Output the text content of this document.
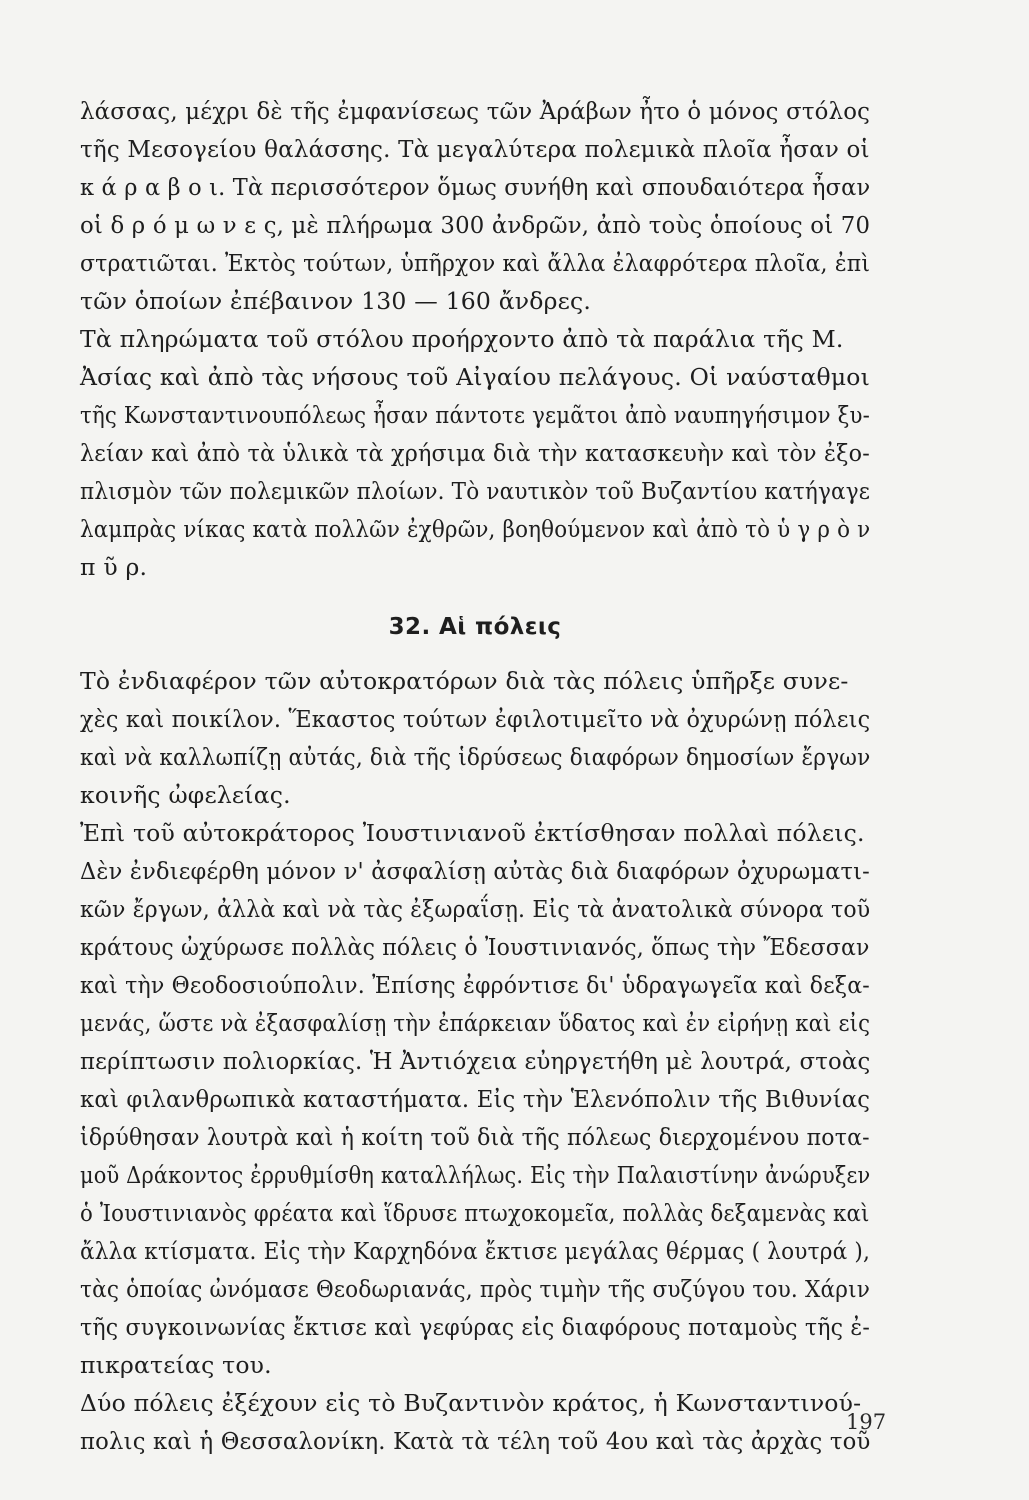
λάσσας, μέχρι δὲ τῆς ἐμφανίσεως τῶν Ἀράβων ἦτο ὁ μόνος στόλος
τῆς Μεσογείου θαλάσσης. Τὰ μεγαλύτερα πολεμικὰ πλοῖα ἦσαν οἱ
κ ά ρ α β ο ι. Τὰ περισσότερον ὅμως συνήθη καὶ σπουδαιότερα ἦσαν
οἱ δ ρ ό μ ω ν ε ς, μὲ πλήρωμα 300 ἀνδρῶν, ἀπὸ τοὺς ὁποίους οἱ 70
στρατιῶται. Ἐκτὸς τούτων, ὑπῆρχον καὶ ἄλλα ἐλαφρότερα πλοῖα, ἐπὶ
τῶν ὁποίων ἐπέβαινον 130 — 160 ἄνδρες.
Τὰ πληρώματα τοῦ στόλου προήρχοντο ἀπὸ τὰ παράλια τῆς Μ.
Ἀσίας καὶ ἀπὸ τὰς νήσους τοῦ Αἰγαίου πελάγους. Οἱ ναύσταθμοι
τῆς Κωνσταντινουπόλεως ἦσαν πάντοτε γεμᾶτοι ἀπὸ ναυπηγήσιμον ξυ-
λείαν καὶ ἀπὸ τὰ ὑλικὰ τὰ χρήσιμα διὰ τὴν κατασκευὴν καὶ τὸν ἐξο-
πλισμὸν τῶν πολεμικῶν πλοίων. Τὸ ναυτικὸν τοῦ Βυζαντίου κατήγαγε
λαμπρὰς νίκας κατὰ πολλῶν ἐχθρῶν, βοηθούμενον καὶ ἀπὸ τὸ ὑ γ ρ ὸ ν
π ῦ ρ.
32. Αἱ πόλεις
Τὸ ἐνδιαφέρον τῶν αὐτοκρατόρων διὰ τὰς πόλεις ὑπῆρξε συνε-
χὲς καὶ ποικίλον. Ἕκαστος τούτων ἐφιλοτιμεῖτο νὰ ὀχυρώνῃ πόλεις
καὶ νὰ καλλωπίζῃ αὐτάς, διὰ τῆς ἱδρύσεως διαφόρων δημοσίων ἔργων
κοινῆς ὠφελείας.
Ἐπὶ τοῦ αὐτοκράτορος Ἰουστινιανοῦ ἐκτίσθησαν πολλαὶ πόλεις.
Δὲν ἐνδιεφέρθη μόνον ν' ἀσφαλίσῃ αὐτὰς διὰ διαφόρων ὀχυρωματι-
κῶν ἔργων, ἀλλὰ καὶ νὰ τὰς ἐξωραΐσῃ. Εἰς τὰ ἀνατολικὰ σύνορα τοῦ
κράτους ὠχύρωσε πολλὰς πόλεις ὁ Ἰουστινιανός, ὅπως τὴν Ἔδεσσαν
καὶ τὴν Θεοδοσιούπολιν. Ἐπίσης ἐφρόντισε δι' ὑδραγωγεῖα καὶ δεξα-
μενάς, ὥστε νὰ ἐξασφαλίσῃ τὴν ἐπάρκειαν ὕδατος καὶ ἐν εἰρήνῃ καὶ εἰς
περίπτωσιν πολιορκίας. Ἡ Ἀντιόχεια εὐηργετήθη μὲ λουτρά, στοὰς
καὶ φιλανθρωπικὰ καταστήματα. Εἰς τὴν Ἑλενόπολιν τῆς Βιθυνίας
ἱδρύθησαν λουτρὰ καὶ ἡ κοίτη τοῦ διὰ τῆς πόλεως διερχομένου ποτα-
μοῦ Δράκοντος ἐρρυθμίσθη καταλλήλως. Εἰς τὴν Παλαιστίνην ἀνώρυξεν
ὁ Ἰουστινιανὸς φρέατα καὶ ἵδρυσε πτωχοκομεῖα, πολλὰς δεξαμενὰς καὶ
ἄλλα κτίσματα. Εἰς τὴν Καρχηδόνα ἔκτισε μεγάλας θέρμας ( λουτρά ),
τὰς ὁποίας ὠνόμασε Θεοδωριανάς, πρὸς τιμὴν τῆς συζύγου του. Χάριν
τῆς συγκοινωνίας ἔκτισε καὶ γεφύρας εἰς διαφόρους ποταμοὺς τῆς ἐ-
πικρατείας του.
Δύο πόλεις ἐξέχουν εἰς τὸ Βυζαντινὸν κράτος, ἡ Κωνσταντινού-
πολις καὶ ἡ Θεσσαλονίκη. Κατὰ τὰ τέλη τοῦ 4ου καὶ τὰς ἀρχὰς τοῦ
197
